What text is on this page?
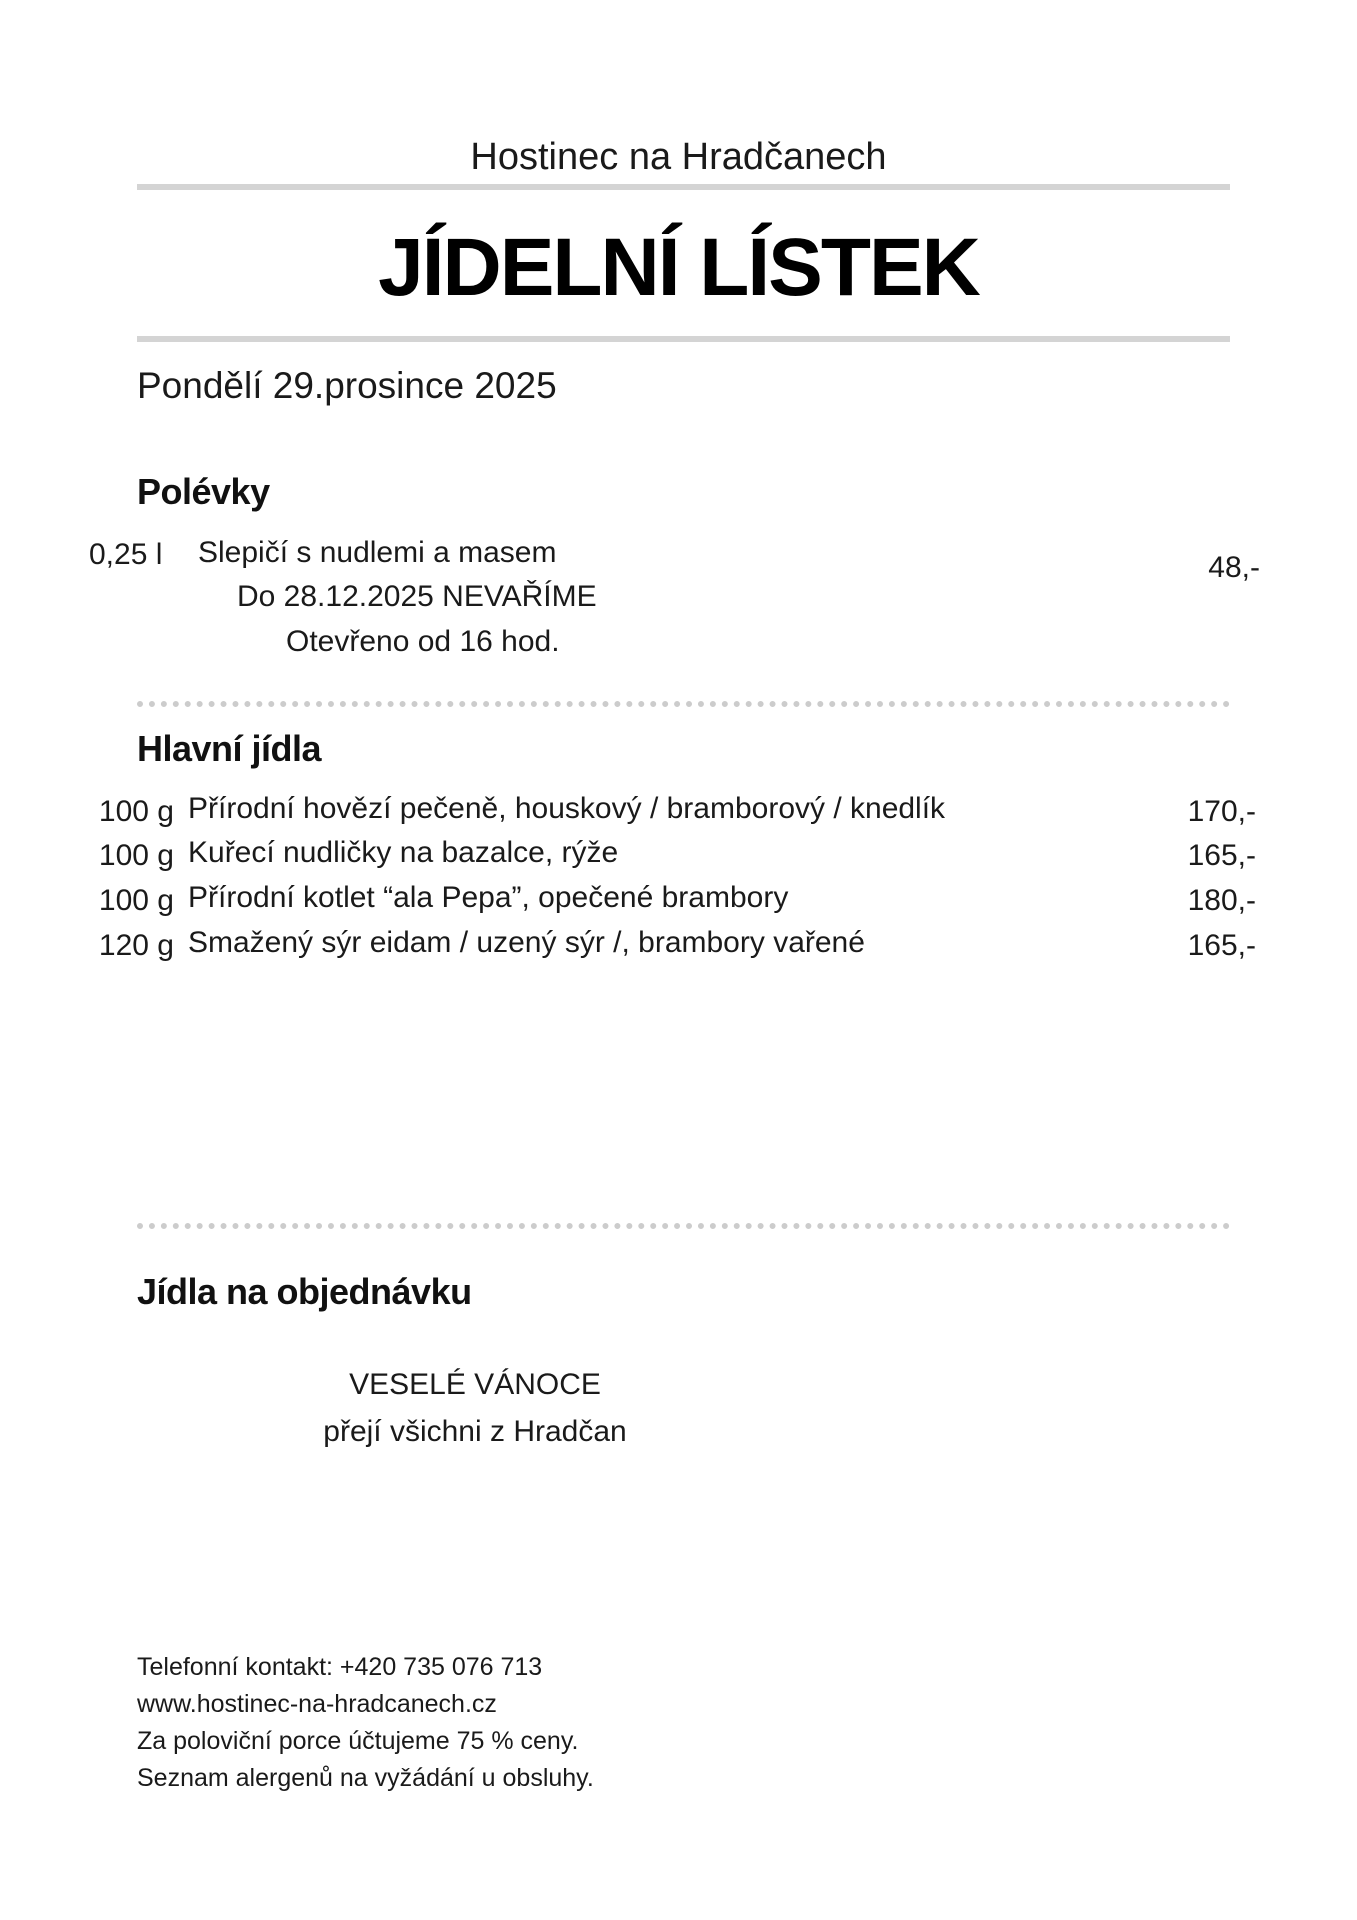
Hostinec na Hradčanech
JÍDELNÍ LÍSTEK
Pondělí 29.prosince 2025
Polévky
0,25 l Slepičí s nudlemi a masem	48,-
Do 28.12.2025 NEVAŘÍME
Otevřeno od 16 hod.
Hlavní jídla
100 g Přírodní hovězí pečeně, houskový / bramborový / knedlík	170,-
100 g Kuřecí nudličky na bazalce, rýže	165,-
100 g Přírodní kotlet “ala Pepa”, opečené brambory	180,-
120 g Smažený sýr eidam / uzený sýr /, brambory vařené	165,-
Jídla na objednávku
VESELÉ VÁNOCE
přejí všichni z Hradčan
Telefonní kontakt: +420 735 076 713
www.hostinec-na-hradcanech.cz
Za poloviční porce účtujeme 75 % ceny.
Seznam alergenů na vyžádání u obsluhy.
